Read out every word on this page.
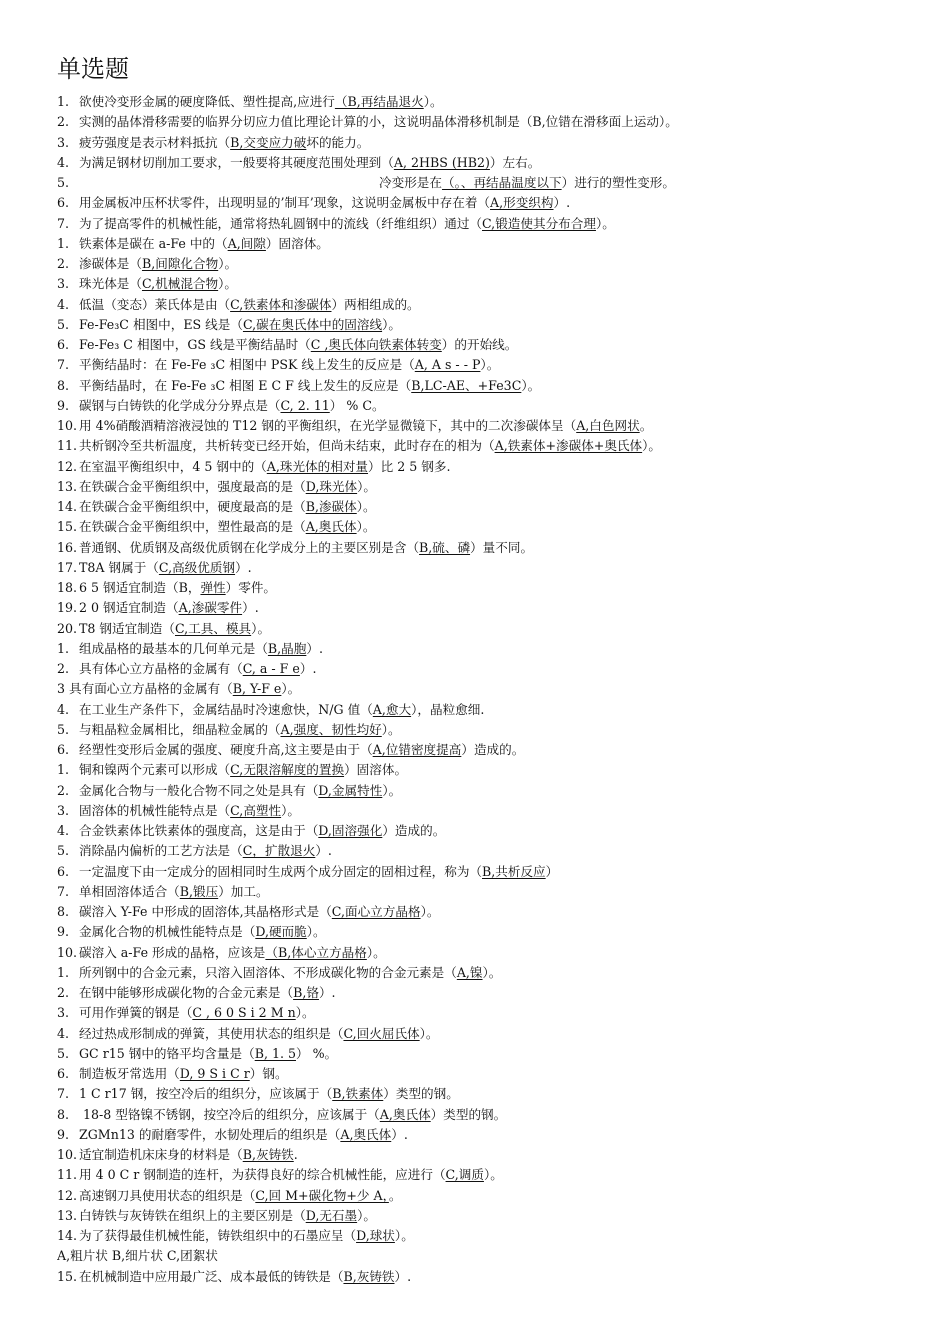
单选题
1. 欲使冷变形金属的硬度降低、塑性提高,应进行（B,再结晶退火）。
2. 实测的晶体滑移需要的临界分切应力值比理论计算的小，这说明晶体滑移机制是（B,位错在滑移面上运动）。
3. 疲劳强度是表示材料抵抗（B,交变应力破坏的能力。
4. 为满足钢材切削加工要求，一般要将其硬度范围处理到（A, 2HBS (HB2)）左右。
5.	冷变形是在（。、再结晶温度以下）进行的塑性变形。
6. 用金属板冲压杯状零件，出现明显的’制耳’现象，这说明金属板中存在着（A,形变织构）.
7. 为了提高零件的机械性能，通常将热轧圆钢中的流线（纤维组织）通过（C,锻造使其分布合理）。
1. 铁素体是碳在 a-Fe 中的（A,间隙）固溶体。
2. 渗碳体是（B,间隙化合物）。
3. 珠光体是（C,机械混合物）。
4. 低温（变态）莱氏体是由（C,铁素体和渗碳体）两相组成的。
5. Fe-Fe₃C 相图中，ES 线是（C,碳在奥氏体中的固溶线）。
6. Fe-Fe₃ C 相图中，GS 线是平衡结晶时（C ,奥氏体向铁素体转变）的开始线。
7. 平衡结晶时：在 Fe-Fe ₃C 相图中 PSK 线上发生的反应是（A, A s - - P）。
8. 平衡结晶时，在 Fe-Fe ₃C 相图 E C F 线上发生的反应是（B,LC-AE、+Fe3C）。
9. 碳钢与白铸铁的化学成分分界点是（C, 2. 11） % C。
10. 用 4%硝酸酒精溶液浸蚀的 T12 钢的平衡组织，在光学显微镜下，其中的二次渗碳体呈（A,白色网状。
11. 共析钢冷至共析温度，共析转变已经开始，但尚未结束，此时存在的相为（A,铁素体+渗碳体+奥氏体）。
12. 在室温平衡组织中，4 5 钢中的（A,珠光体的相对量）比 2 5 钢多.
13. 在铁碳合金平衡组织中，强度最高的是（D,珠光体）。
14. 在铁碳合金平衡组织中，硬度最高的是（B,渗碳体）。
15. 在铁碳合金平衡组织中，塑性最高的是（A,奥氏体）。
16. 普通钢、优质钢及高级优质钢在化学成分上的主要区别是含（B,硫、磷）量不同。
17. T8A 钢属于（C,高级优质钢）.
18. 6 5 钢适宜制造（B，弹性）零件。
19. 2 0 钢适宜制造（A,渗碳零件）.
20. T8 钢适宜制造（C,工具、模具）。
1. 组成晶格的最基本的几何单元是（B,晶胞）.
2. 具有体心立方晶格的金属有（C, a - F e）.
3 具有面心立方晶格的金属有（B, Y-F e）。
4. 在工业生产条件下，金属结晶时冷速愈快，N/G 值（A,愈大），晶粒愈细.
5. 与粗晶粒金属相比，细晶粒金属的（A,强度、韧性均好）。
6. 经塑性变形后金属的强度、硬度升高,这主要是由于（A,位错密度提高）造成的。
1. 铜和镍两个元素可以形成（C,无限溶解度的置换）固溶体。
2. 金属化合物与一般化合物不同之处是具有（D,金属特性）。
3. 固溶体的机械性能特点是（C,高塑性）。
4. 合金铁素体比铁素体的强度高，这是由于（D,固溶强化）造成的。
5. 消除晶内偏析的工艺方法是（C，扩散退火）.
6. 一定温度下由一定成分的固相同时生成两个成分固定的固相过程，称为（B,共析反应）
7. 单相固溶体适合（B,锻压）加工。
8. 碳溶入 Y-Fe 中形成的固溶体,其晶格形式是（C,面心立方晶格）。
9. 金属化合物的机械性能特点是（D,硬而脆）。
10. 碳溶入 a-Fe 形成的晶格，应该是（B,体心立方晶格）。
1. 所列钢中的合金元素，只溶入固溶体、不形成碳化物的合金元素是（A,镍）。
2. 在钢中能够形成碳化物的合金元素是（B,铬）.
3. 可用作弹簧的钢是（C , 6 0 S i 2 M n）。
4. 经过热成形制成的弹簧，其使用状态的组织是（C,回火屈氏体）。
5. GC r15 钢中的铬平均含量是（B, 1. 5） %。
6. 制造板牙常选用（D, 9 S i C r）钢。
7. 1 C r17 钢，按空冷后的组织分，应该属于（B,铁素体）类型的钢。
8. 18-8 型铬镍不锈钢，按空冷后的组织分，应该属于（A,奥氏体）类型的钢。
9. ZGMn13 的耐磨零件，水韧处理后的组织是（A,奥氏体）.
10. 适宜制造机床床身的材料是（B,灰铸铁.
11. 用 4 0 C r 钢制造的连杆，为获得良好的综合机械性能，应进行（C,调质）。
12. 高速钢刀具使用状态的组织是（C,回 M+碳化物+少 A，。
13. 白铸铁与灰铸铁在组织上的主要区别是（D,无石墨）。
14. 为了获得最佳机械性能，铸铁组织中的石墨应呈（D,球状）。
A,粗片状 B,细片状 C,团絮状
15. 在机械制造中应用最广泛、成本最低的铸铁是（B,灰铸铁）.
